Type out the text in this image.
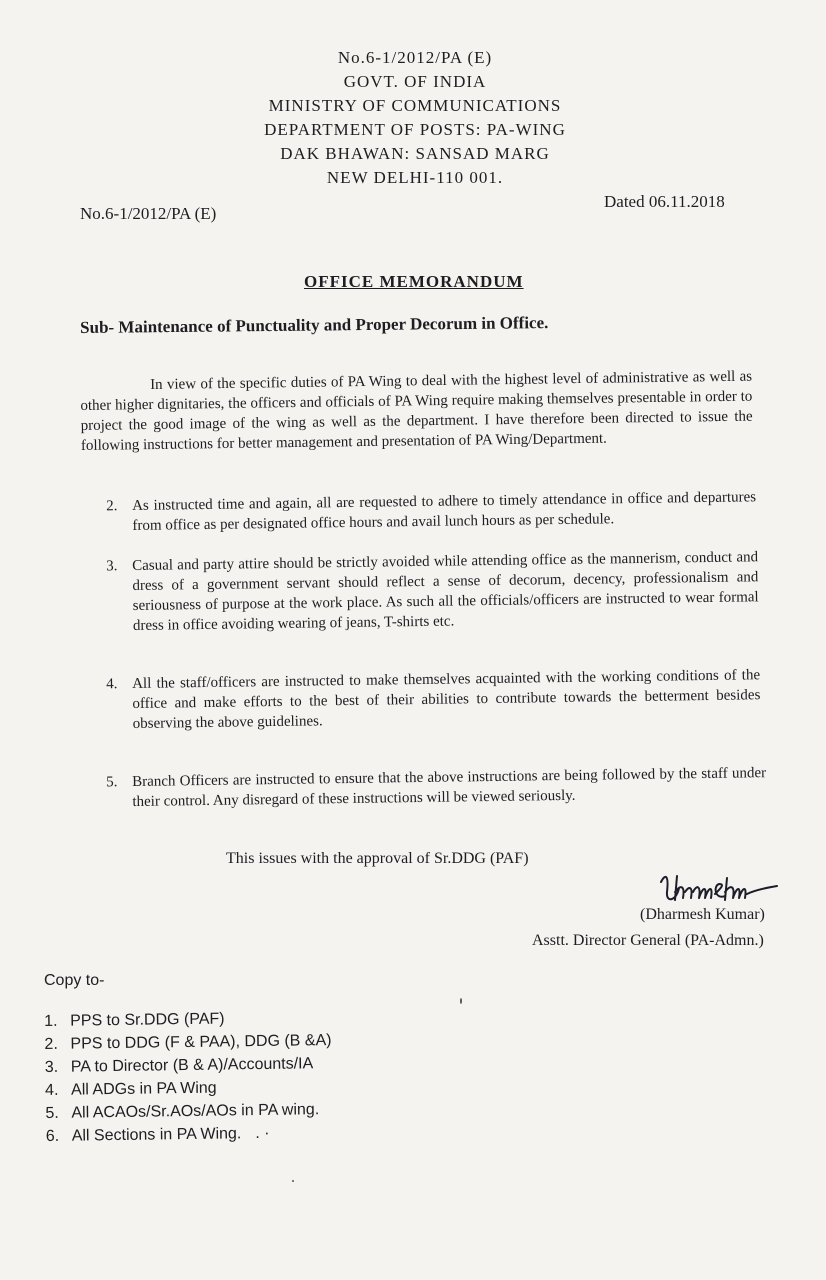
No.6-1/2012/PA (E)
GOVT. OF INDIA
MINISTRY OF COMMUNICATIONS
DEPARTMENT OF POSTS: PA-WING
DAK BHAWAN: SANSAD MARG
NEW DELHI-110 001.
No.6-1/2012/PA (E)
Dated 06.11.2018
OFFICE MEMORANDUM
Sub- Maintenance of Punctuality and Proper Decorum in Office.
In view of the specific duties of PA Wing to deal with the highest level of administrative as well as other higher dignitaries, the officers and officials of PA Wing require making themselves presentable in order to project the good image of the wing as well as the department. I have therefore been directed to issue the following instructions for better management and presentation of PA Wing/Department.
2. As instructed time and again, all are requested to adhere to timely attendance in office and departures from office as per designated office hours and avail lunch hours as per schedule.
3. Casual and party attire should be strictly avoided while attending office as the mannerism, conduct and dress of a government servant should reflect a sense of decorum, decency, professionalism and seriousness of purpose at the work place. As such all the officials/officers are instructed to wear formal dress in office avoiding wearing of jeans, T-shirts etc.
4. All the staff/officers are instructed to make themselves acquainted with the working conditions of the office and make efforts to the best of their abilities to contribute towards the betterment besides observing the above guidelines.
5. Branch Officers are instructed to ensure that the above instructions are being followed by the staff under their control. Any disregard of these instructions will be viewed seriously.
This issues with the approval of Sr.DDG (PAF)
(Dharmesh Kumar)
Asstt. Director General (PA-Admn.)
Copy to-
1. PPS to Sr.DDG (PAF)
2. PPS to DDG (F & PAA), DDG (B &A)
3. PA to Director (B & A)/Accounts/IA
4. All ADGs in PA Wing
5. All ACAOs/Sr.AOs/AOs in PA wing.
6. All Sections in PA Wing. . ·
